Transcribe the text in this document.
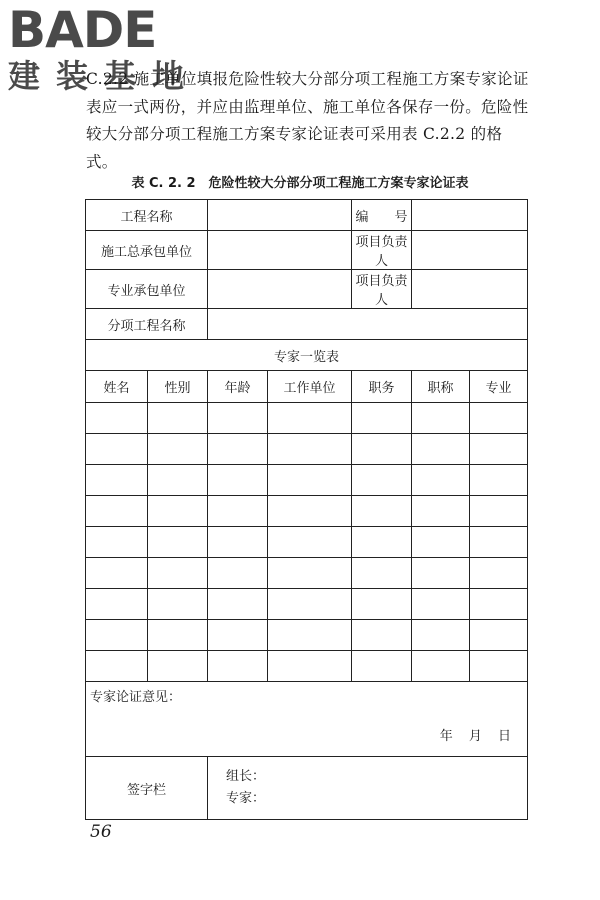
BADE
建装基地
C.2.2 施工单位填报危险性较大分部分项工程施工方案专家论证表应一式两份，并应由监理单位、施工单位各保存一份。危险性较大分部分项工程施工方案专家论证表可采用表 C.2.2 的格式。
表 C. 2. 2　危险性较大分部分项工程施工方案专家论证表
工程名称				编　　号		
施工总承包单位				项目负责人		
专业承包单位				项目负责人		
分项工程名称						
专家一览表						
姓名	性别	年龄	工作单位	职务	职称	专业

专家论证意见：
年 月 日						

签字栏		组长：
专家：				
56
